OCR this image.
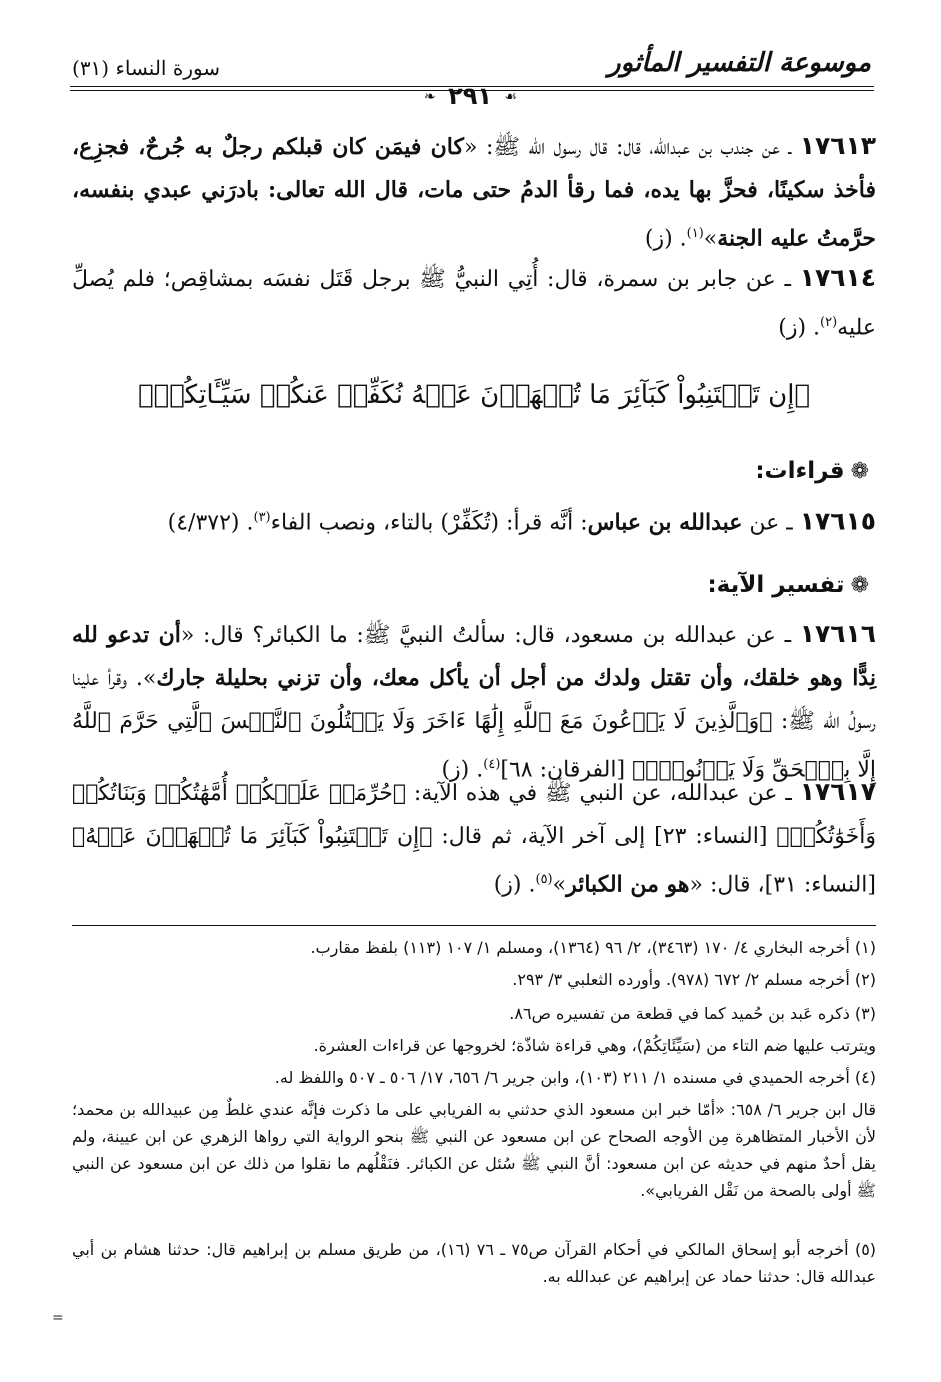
موسوعة التفسير المأثور
سورة النساء (٣١)
❧ ٢٩١ ☙
١٧٦١٣ ـ عن جندب بن عبدالله، قال: قال رسول الله ﷺ: «كان فيمَن كان قبلكم رجلٌ به جُرحٌ، فجزِع، فأخذ سكينًا، فحزَّ بها يده، فما رقأ الدمُ حتى مات، قال الله تعالى: بادرَني عبدي بنفسه، حرَّمتُ عليه الجنة»$^{(١)}$. (ز)
١٧٦١٤ ـ عن جابر بن سمرة، قال: أُتِي النبيُّ ﷺ برجل قَتَل نفسَه بمشاقِص؛ فلم يُصلِّ عليه$^{(٢)}$. (ز)
﴿إِن تَجۡتَنِبُواْ كَبَآئِرَ مَا تُنۡهَوۡنَ عَنۡهُ نُكَفِّرۡ عَنكُمۡ سَيِّـَٔاتِكُمۡ﴾
❁قراءات:
١٧٦١٥ ـ عن عبدالله بن عباس: أنَّه قرأ: (تُكَفِّرْ) بالتاء، ونصب الفاء$^{(٣)}$. (٤/٣٧٢)
❁تفسير الآية:
١٧٦١٦ ـ عن عبدالله بن مسعود، قال: سألتُ النبيَّ ﷺ: ما الكبائر؟ قال: «أن تدعو لله نِدًّا وهو خلقك، وأن تقتل ولدك من أجل أن يأكل معك، وأن تزني بحليلة جارك». وقرأ علينا رسولُ الله ﷺ: ﴿وَٱلَّذِينَ لَا يَدۡعُونَ مَعَ ٱللَّهِ إِلَٰهًا ءَاخَرَ وَلَا يَقۡتُلُونَ ٱلنَّفۡسَ ٱلَّتِي حَرَّمَ ٱللَّهُ إِلَّا بِٱلۡحَقِّ وَلَا يَزۡنُونَۚ﴾ [الفرقان: ٦٨]$^{(٤)}$. (ز)
١٧٦١٧ ـ عن عبدالله، عن النبي ﷺ في هذه الآية: ﴿حُرِّمَتۡ عَلَيۡكُمۡ أُمَّهَٰتُكُمۡ وَبَنَاتُكُمۡ وَأَخَوَٰتُكُمۡ﴾ [النساء: ٢٣] إلى آخر الآية، ثم قال: ﴿إِن تَجۡتَنِبُواْ كَبَآئِرَ مَا تُنۡهَوۡنَ عَنۡهُ﴾ [النساء: ٣١]، قال: «هو من الكبائر»$^{(٥)}$. (ز)
(١) أخرجه البخاري ٤/ ١٧٠ (٣٤٦٣)، ٢/ ٩٦ (١٣٦٤)، ومسلم ١/ ١٠٧ (١١٣) بلفظ مقارب.
(٢) أخرجه مسلم ٢/ ٦٧٢ (٩٧٨). وأورده الثعلبي ٣/ ٢٩٣.
(٣) ذكره عَبد بن حُميد كما في قطعة من تفسيره ص٨٦.
ويترتب عليها ضم التاء من (سَيِّئَاتِكُمْ)، وهي قراءة شاذّة؛ لخروجها عن قراءات العشرة.
(٤) أخرجه الحميدي في مسنده ١/ ٢١١ (١٠٣)، وابن جرير ٦/ ٦٥٦، ١٧/ ٥٠٦ ـ ٥٠٧ واللفظ له.
قال ابن جرير ٦/ ٦٥٨: «أمّا خبر ابن مسعود الذي حدثني به الفريابي على ما ذكرت فإنَّه عندي غلطٌ مِن عبيدالله بن محمد؛ لأن الأخبار المتظاهرة مِن الأوجه الصحاح عن ابن مسعود عن النبي ﷺ بنحو الرواية التي رواها الزهري عن ابن عيينة، ولم يقل أحدٌ منهم في حديثه عن ابن مسعود: أنَّ النبي ﷺ سُئل عن الكبائر. فنَقْلُهم ما نقلوا من ذلك عن ابن مسعود عن النبي ﷺ أولى بالصحة من نَقْل الفريابي».
(٥) أخرجه أبو إسحاق المالكي في أحكام القرآن ص٧٥ ـ ٧٦ (١٦)، من طريق مسلم بن إبراهيم قال: حدثنا هشام بن أبي عبدالله قال: حدثنا حماد عن إبراهيم عن عبدالله به.
=
